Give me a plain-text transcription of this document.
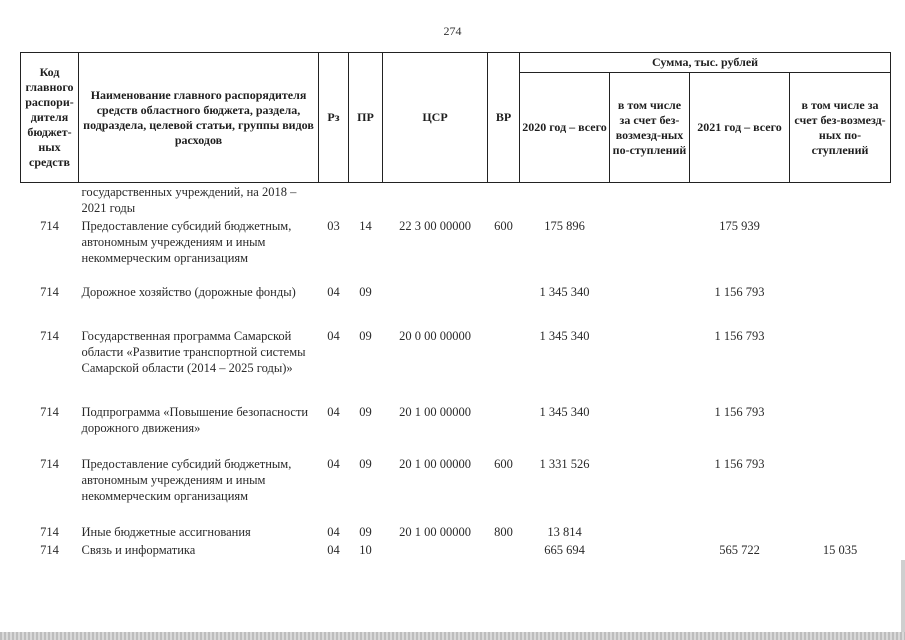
274
Код главного распори-дителя бюджет-ных средств	Наименование главного распорядителя средств областного бюджета, раздела, подраздела, целевой статьи, группы видов расходов	Рз	ПР	ЦСР	ВР	Сумма, тыс. рублей			
						2020 год – всего	в том числе за счет без-возмезд-ных по-ступлений	2021 год – всего	в том числе за счет без-возмезд-ных по-ступлений
	государственных учреждений, на 2018 – 2021 годы								
714	Предоставление субсидий бюджетным, автономным учреждениям и иным некоммерческим организациям	03	14	22 3 00 00000	600	175 896		175 939	
714	Дорожное хозяйство (дорожные фонды)	04	09			1 345 340		1 156 793	
714	Государственная программа Самарской области «Развитие транспортной системы Самарской области (2014 – 2025 годы)»	04	09	20 0 00 00000		1 345 340		1 156 793	
714	Подпрограмма «Повышение безопасности дорожного движения»	04	09	20 1 00 00000		1 345 340		1 156 793	
714	Предоставление субсидий бюджетным, автономным учреждениям и иным некоммерческим организациям	04	09	20 1 00 00000	600	1 331 526		1 156 793	
714	Иные бюджетные ассигнования	04	09	20 1 00 00000	800	13 814			
714	Связь и информатика	04	10			665 694		565 722	15 035
